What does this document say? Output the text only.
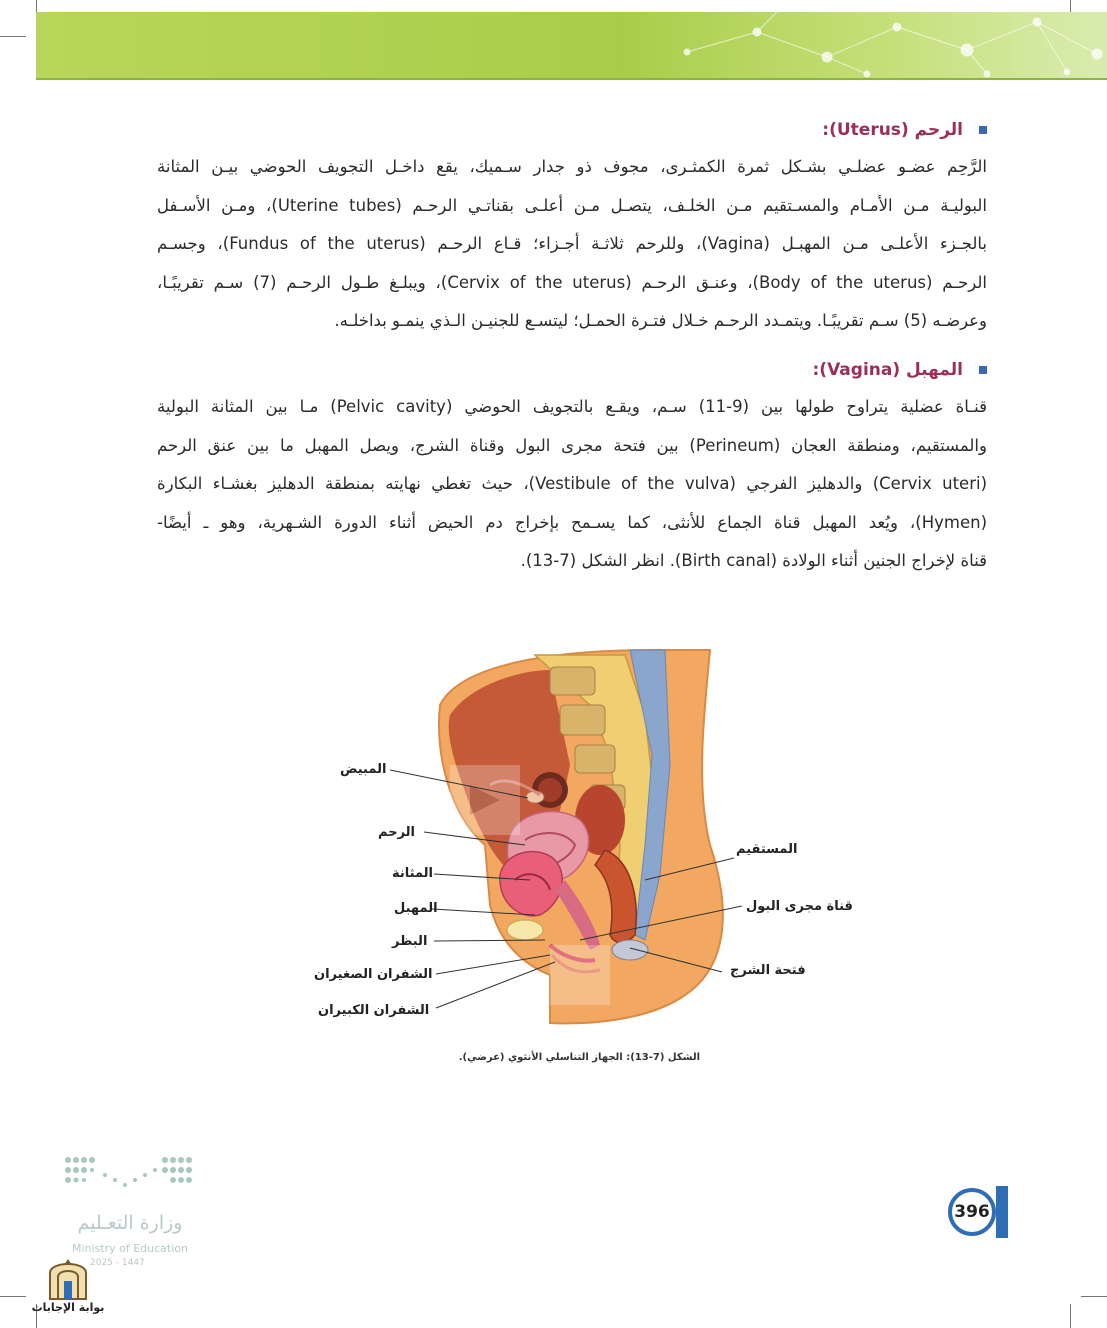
الرحم (Uterus):

الرَّحِم عضـو عضلـي بشـكل ثمرة الكمثـرى، مجوف ذو جدار سـميك، يقع داخـل التجويف الحوضي بيـن المثانة

البوليـة مـن الأمـام والمسـتقيم مـن الخلـف، يتصـل مـن أعلـى بقناتـي الرحـم (Uterine tubes)، ومـن الأسـفل

بالجـزء الأعلـى مـن المهبـل (Vagina)، وللرحم ثلاثـة أجـزاء؛ قـاع الرحـم (Fundus of the uterus)، وجسـم

الرحـم (Body of the uterus)، وعنـق الرحـم (Cervix of the uterus)، ويبلـغ طـول الرحـم (7) سـم تقريبًـا،

وعرضـه (5) سـم تقريبًـا. ويتمـدد الرحـم خـلال فتـرة الحمـل؛ ليتسـع للجنيـن الـذي ينمـو بداخلـه.

المهبل (Vagina):

قنـاة عضلية يتراوح طولها بين (9-11) سـم، ويقـع بالتجويف الحوضي (Pelvic cavity) مـا بين المثانة البولية

والمستقيم، ومنطقة العجان (Perineum) بين فتحة مجرى البول وقناة الشرج، ويصل المهبل ما بين عنق الرحم

(Cervix uteri) والدهليز الفرجي (Vestibule of the vulva)، حيث تغطي نهايته بمنطقة الدهليز بغشـاء البكارة

(Hymen)، ويُعد المهبل قناة الجماع للأنثى، كما يسـمح بإخراج دم الحيض أثناء الدورة الشـهرية، وهو ـ أيضًا-

قناة لإخراج الجنين أثناء الولادة (Birth canal). انظر الشكل (7-13).

المبيض
الرحم
المثانة
المهبل
البظر
الشفران الصغيران
الشفران الكبيران
المستقيم
قناة مجرى البول
فتحة الشرج
الشكل (7-13): الجهاز التناسلي الأنثوي (عرضي).
396
وزارة التعـليم
Ministry of Education
2025 - 1447
بوابة الإجابات
